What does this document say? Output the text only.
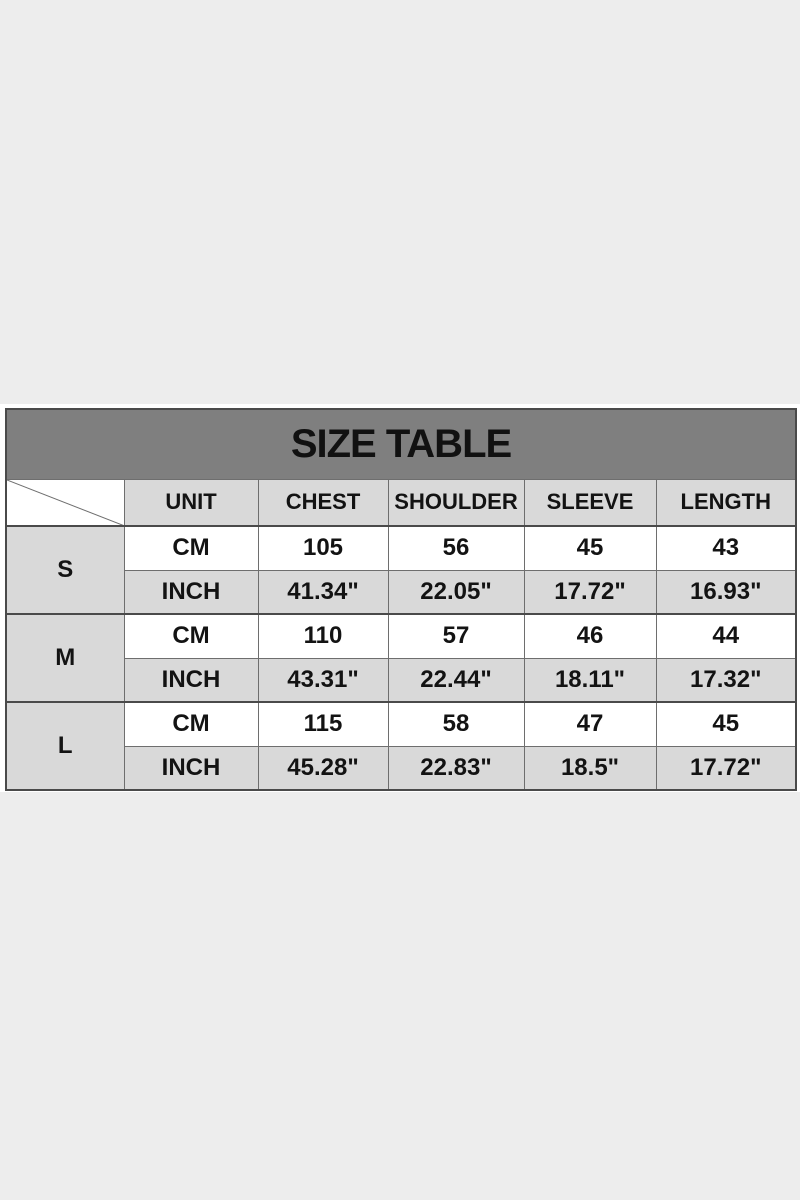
SIZE TABLE					

	UNIT	CHEST	SHOULDER	SLEEVE	LENGTH
S	CM	105	56	45	43
	INCH	41.34"	22.05"	17.72"	16.93"
M	CM	110	57	46	44
	INCH	43.31"	22.44"	18.11"	17.32"
L	CM	115	58	47	45
	INCH	45.28"	22.83"	18.5"	17.72"
